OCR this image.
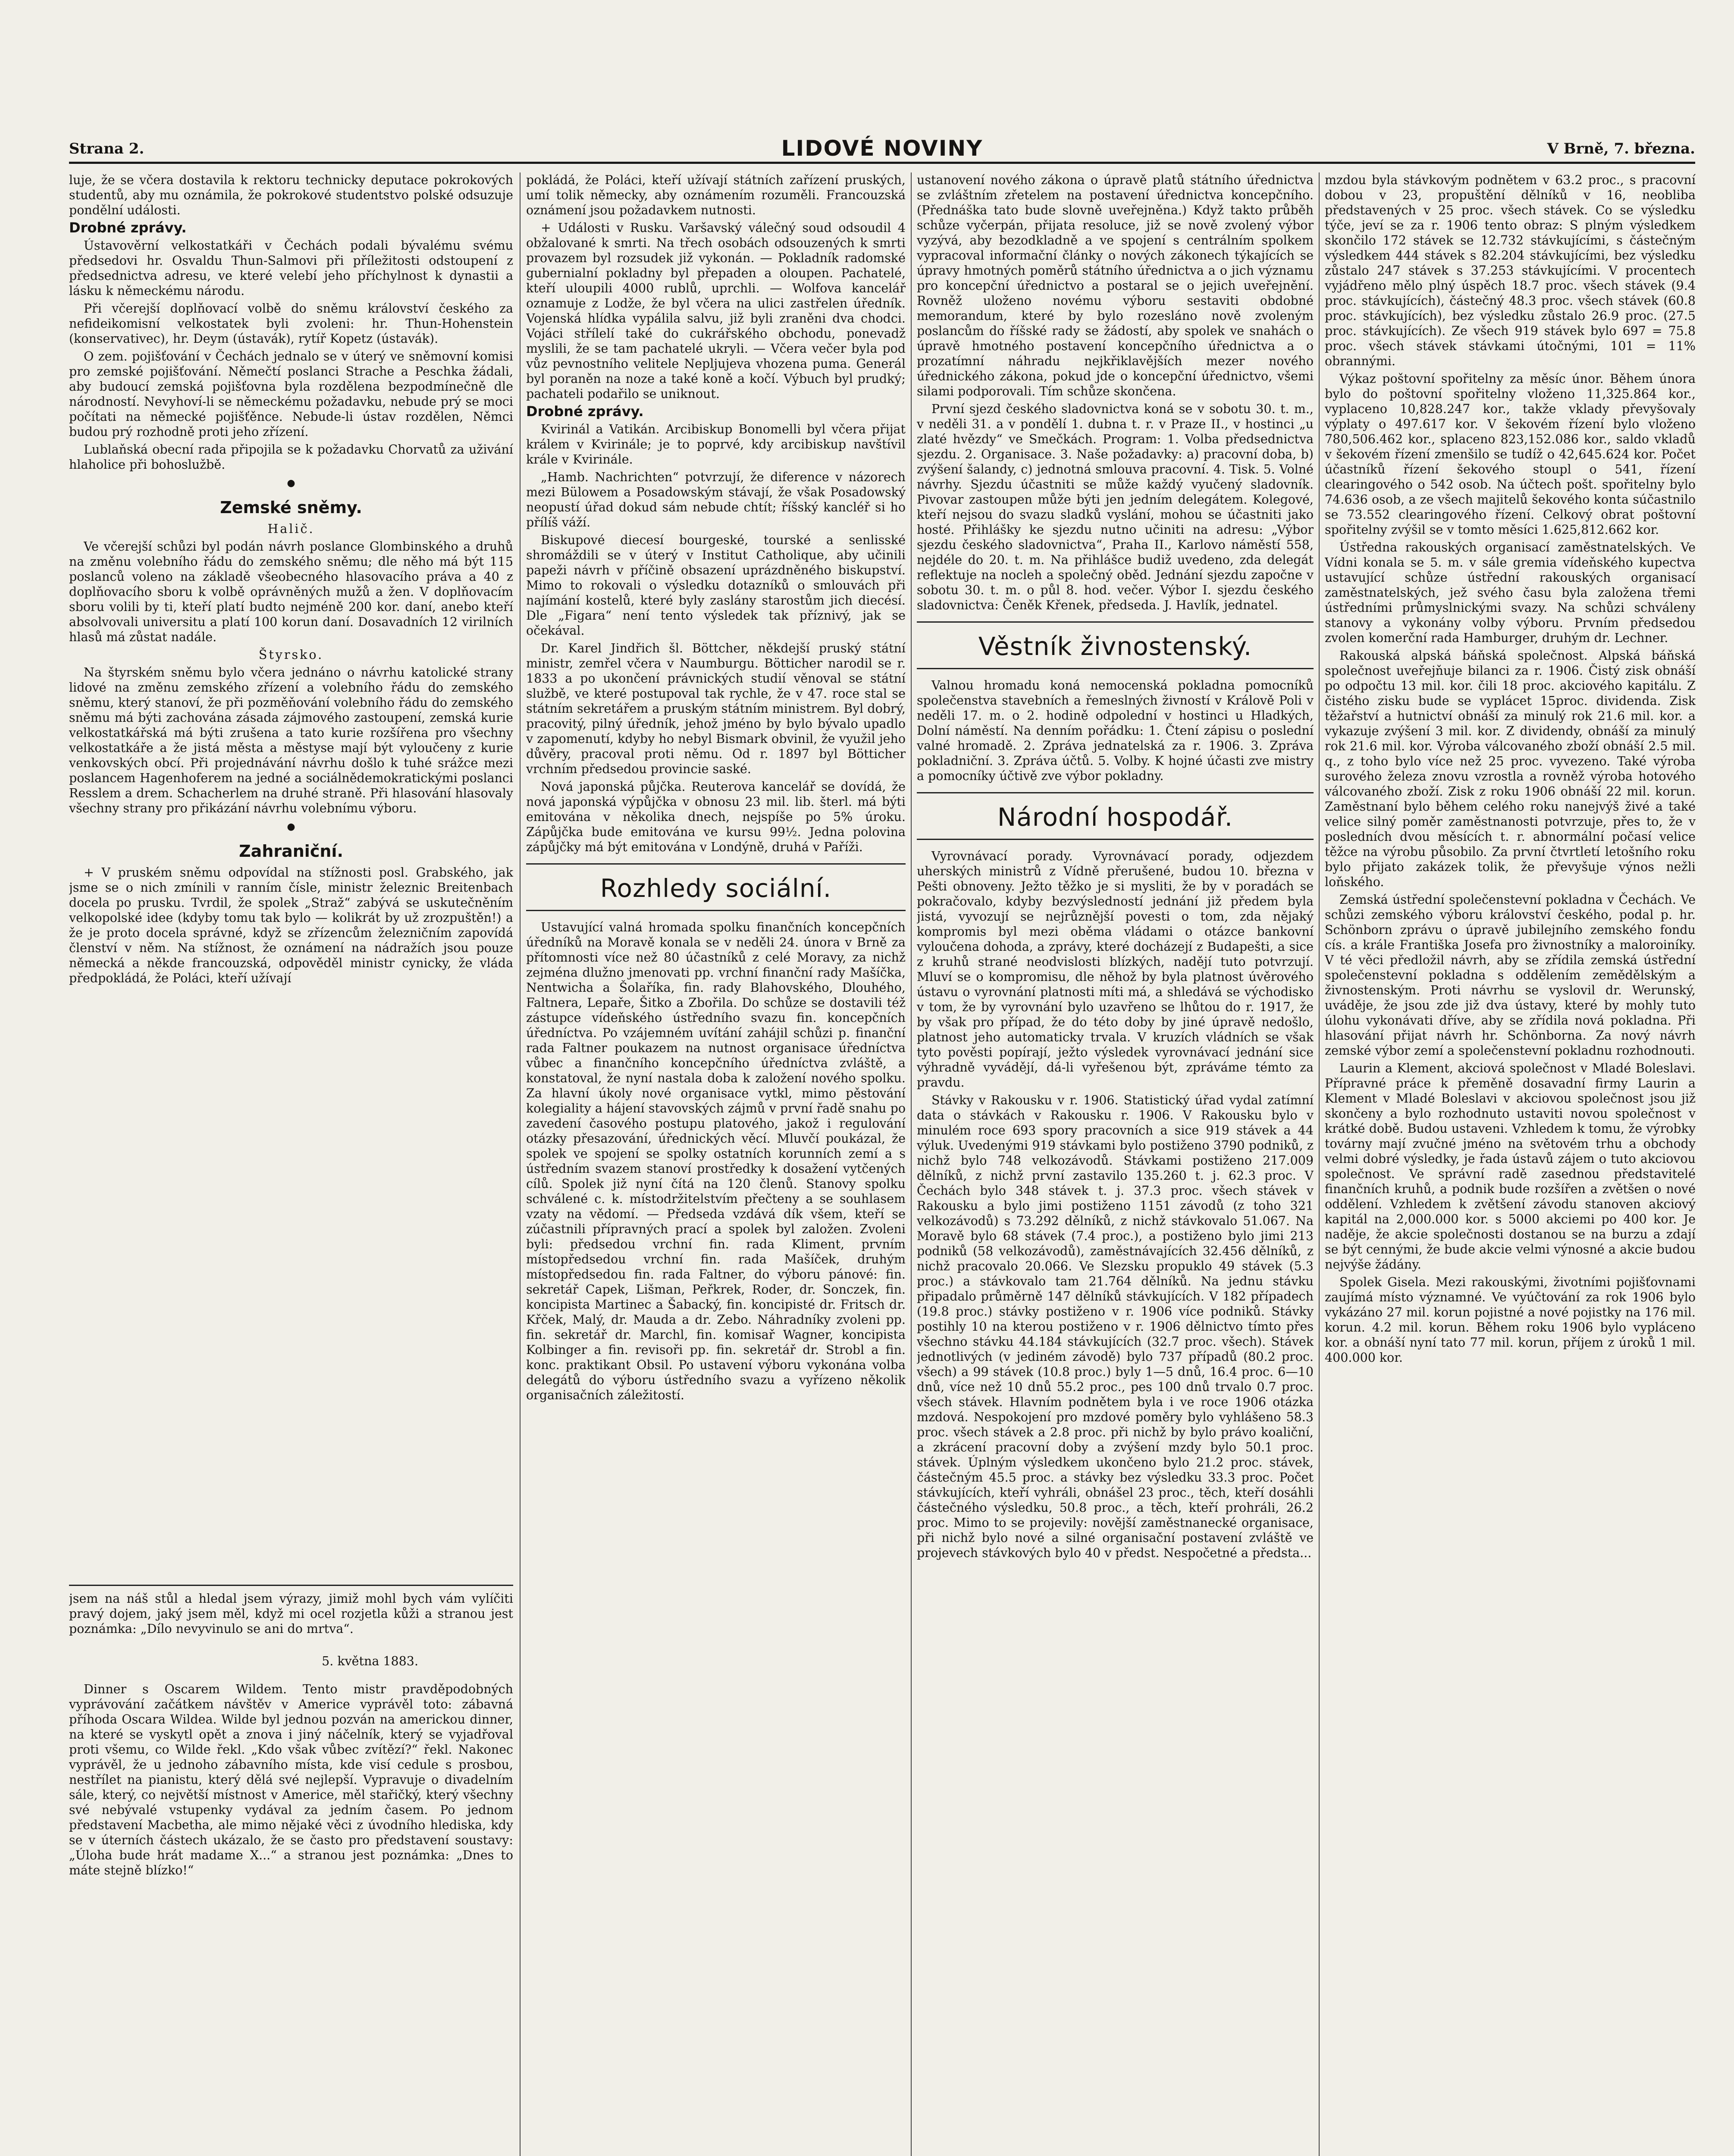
Strana 2.	LIDOVÉ NOVINY	V Brně, 7. března.

luje, že se včera dostavila k rektoru technicky deputace pokrokových studentů, aby mu oznámila, že pokrokové studentstvo polské odsuzuje pondělní události.

Drobné zprávy.

Ústavověrní velkostatkáři v Čechách podali bývalému svému předsedovi hr. Osvaldu Thun-Salmovi při příležitosti odstoupení z předsednictva adresu, ve které velebí jeho příchylnost k dynastii a lásku k německému národu.

Při včerejší doplňovací volbě do sněmu království českého za nefideikomisní velkostatek byli zvoleni: hr. Thun-Hohenstein (konservativec), hr. Deym (ústavák), rytíř Kopetz (ústavák).

O zem. pojišťování v Čechách jednalo se v úterý ve sněmovní komisi pro zemské pojišťování. Němečtí poslanci Strache a Peschka žádali, aby budoucí zemská pojišťovna byla rozdělena bezpodmínečně dle národností. Nevyhoví-li se německému požadavku, nebude prý se moci počítati na německé pojišťěnce. Nebude-li ústav rozdělen, Němci budou prý rozhodně proti jeho zřízení.

Lublaňská obecní rada připojila se k požadavku Chorvatů za uživání hlaholice při bohoslužbě.

●
Zemské sněmy.

Halič.

Ve včerejší schůzi byl podán návrh poslance Glombinského a druhů na změnu volebního řádu do zemského sněmu; dle něho má být 115 poslanců voleno na základě všeobecného hlasovacího práva a 40 z doplňovacího sboru k volbě oprávněných mužů a žen. V doplňovacím sboru volili by ti, kteří platí budto nejméně 200 kor. daní, anebo kteří absolvovali universitu a platí 100 korun daní. Dosavadních 12 virilních hlasů má zůstat nadále.

Štyrsko.

Na štyrském sněmu bylo včera jednáno o návrhu katolické strany lidové na změnu zemského zřízení a volebního řádu do zemského sněmu, který stanoví, že při pozměňování volebního řádu do zemského sněmu má býti zachována zásada zájmového zastoupení, zemská kurie velkostatkářská má býti zrušena a tato kurie rozšířena pro všechny velkostatkáře a že jistá města a městyse mají být vyloučeny z kurie venkovských obcí. Při projednávání návrhu došlo k tuhé srážce mezi poslancem Hagenhoferem na jedné a sociálnědemokratickými poslanci Resslem a drem. Schacherlem na druhé straně. Při hlasování hlasovaly všechny strany pro přikázání návrhu volebnímu výboru.

●
Zahraniční.

+ V pruském sněmu odpovídal na stížnosti posl. Grabského, jak jsme se o nich zmínili v ranním čísle, ministr železnic Breitenbach docela po prusku. Tvrdil, že spolek „Straž“ zabývá se uskutečněním velkopolské idee (kdyby tomu tak bylo — kolikrát by už zrozpuštěn!) a že je proto docela správné, když se zřízencům železničním zapovídá členství v něm. Na stížnost, že oznámení na nádražích jsou pouze německá a někde francouzská, odpověděl ministr cynicky, že vláda předpokládá, že Poláci, kteří užívají

pokládá, že Poláci, kteří užívají státních zařízení pruských, umí tolik německy, aby oznámením rozuměli. Francouzská oznámení jsou požadavkem nutnosti.

+ Události v Rusku. Varšavský válečný soud odsoudil 4 obžalované k smrti. Na třech osobách odsouzených k smrti provazem byl rozsudek již vykonán. — Pokladník radomské gubernialní pokladny byl přepaden a oloupen. Pachatelé, kteří uloupili 4000 rublů, uprchli. — Wolfova kancelář oznamuje z Lodže, že byl včera na ulici zastřelen úředník. Vojenská hlídka vypálila salvu, již byli zraněni dva chodci. Vojáci střílelí také do cukrářského obchodu, ponevadž myslili, že se tam pachatelé ukryli. — Včera večer byla pod vůz pevnostního velitele Nepljujeva vhozena puma. Generál byl poraněn na noze a také koně a kočí. Výbuch byl prudký; pachateli podařilo se uniknout.

Drobné zprávy.

Kvirinál a Vatikán. Arcibiskup Bonomelli byl včera přijat králem v Kvirinále; je to poprvé, kdy arcibiskup navštívil krále v Kvirinále.

„Hamb. Nachrichten“ potvrzují, že diference v názorech mezi Bülowem a Posadowským stávají, že však Posadowský neopustí úřad dokud sám nebude chtít; říšský kancléř si ho přílíš váží.

Biskupové diecesí bourgeské, tourské a senlisské shromáždili se v úterý v Institut Catholique, aby učinili papeži návrh v příčině obsazení uprázdněného biskupství. Mimo to rokovali o výsledku dotazníků o smlouvách při najímání kostelů, které byly zaslány starostům jich diecésí. Dle „Figara“ není tento výsledek tak příznivý, jak se očekával.

Dr. Karel Jindřich šl. Böttcher, někdejší pruský státní ministr, zemřel včera v Naumburgu. Bötticher narodil se r. 1833 a po ukončení právnických studií věnoval se státní službě, ve které postupoval tak rychle, že v 47. roce stal se státním sekretářem a pruským státním ministrem. Byl dobrý, pracovitý, pilný úředník, jehož jméno by bylo bývalo upadlo v zapomenutí, kdyby ho nebyl Bismark obvinil, že využil jeho důvěry, pracoval proti němu. Od r. 1897 byl Bötticher vrchním předsedou provincie saské.

Nová japonská půjčka. Reuterova kancelář se dovídá, že nová japonská výpůjčka v obnosu 23 mil. lib. šterl. má býti emitována v několika dnech, nejspíše po 5% úroku. Zápůjčka bude emitována ve kursu 99½. Jedna polovina zápůjčky má být emitována v Londýně, druhá v Paříži.

Rozhledy sociální.

Ustavující valná hromada spolku finančních koncepčních úředníků na Moravě konala se v neděli 24. února v Brně za přítomnosti více než 80 účastníků z celé Moravy, za nichž zejména dlužno jmenovati pp. vrchní finanční rady Mašíčka, Nentwicha a Šolaříka, fin. rady Blahovského, Dlouhého, Faltnera, Lepaře, Šitko a Zbořila. Do schůze se dostavili též zástupce vídeňského ústředního svazu fin. koncepčních úředníctva. Po vzájemném uvítání zahájil schůzi p. finanční rada Faltner poukazem na nutnost organisace úředníctva vůbec a finančního koncepčního úředníctva zvláště, a konstatoval, že nyní nastala doba k založení nového spolku. Za hlavní úkoly nové organisace vytkl, mimo pěstování kolegiality a hájení stavovských zájmů v první řadě snahu po zavedení časového postupu platového, jakož i regulování otázky přesazování, úřednických věcí. Mluvčí poukázal, že spolek ve spojení se spolky ostatních korunních zemí a s ústředním svazem stanoví prostředky k dosažení vytčených cílů. Spolek již nyní čítá na 120 členů. Stanovy spolku schválené c. k. místodržitelstvím přečteny a se souhlasem vzaty na vědomí. — Předseda vzdává dík všem, kteří se zúčastnili přípravných prací a spolek byl založen. Zvoleni byli: předsedou vrchní fin. rada Kliment, prvním místopředsedou vrchní fin. rada Mašíček, druhým místopředsedou fin. rada Faltner, do výboru pánové: fin. sekretář Capek, Lišman, Peřkrek, Roder, dr. Sonczek, fin. koncipista Martinec a Šabacký, fin. koncipisté dr. Fritsch dr. Křček, Malý, dr. Mauda a dr. Zebo. Náhradníky zvoleni pp. fin. sekretář dr. Marchl, fin. komisař Wagner, koncipista Kolbinger a fin. revisoři pp. fin. sekretář dr. Strobl a fin. konc. praktikant Obsil. Po ustavení výboru vykonána volba delegátů do výboru ústředního svazu a vyřízeno několik organisačních záležitostí.

ustanovení nového zákona o úpravě platů státního úřednictva se zvláštním zřetelem na postavení úřednictva koncepčního. (Přednáška tato bude slovně uveřejněna.) Když takto průběh schůze vyčerpán, přijata resoluce, již se nově zvolený výbor vyzývá, aby bezodkladně a ve spojení s centrálním spolkem vypracoval informační články o nových zákonech týkajících se úpravy hmotných poměrů státního úřednictva a o jich významu pro koncepční úřednictvo a postaral se o jejich uveřejnění. Rovněž uloženo novému výboru sestaviti obdobné memorandum, které by bylo rozesláno nově zvoleným poslancům do říšské rady se žádostí, aby spolek ve snahách o úpravě hmotného postavení koncepčního úřednictva a o prozatímní náhradu nejkřiklavějších mezer nového úřednického zákona, pokud jde o koncepční úřednictvo, všemi silami podporovali. Tím schůze skončena.

První sjezd českého sladovnictva koná se v sobotu 30. t. m., v neděli 31. a v pondělí 1. dubna t. r. v Praze II., v hostinci „u zlaté hvězdy“ ve Smečkách. Program: 1. Volba předsednictva sjezdu. 2. Organisace. 3. Naše požadavky: a) pracovní doba, b) zvýšení šalandy, c) jednotná smlouva pracovní. 4. Tisk. 5. Volné návrhy. Sjezdu účastniti se může každý vyučený sladovník. Pivovar zastoupen může býti jen jedním delegátem. Kolegové, kteří nejsou do svazu sladků vyslání, mohou se účastniti jako hosté. Přihlášky ke sjezdu nutno učiniti na adresu: „Výbor sjezdu českého sladovnictva“, Praha II., Karlovo náměstí 558, nejdéle do 20. t. m. Na přihlášce budiž uvedeno, zda delegát reflektuje na nocleh a společný oběd. Jednání sjezdu započne v sobotu 30. t. m. o půl 8. hod. večer. Výbor I. sjezdu českého sladovnictva: Čeněk Křenek, předseda. J. Havlík, jednatel.

Věstník živnostenský.

Valnou hromadu koná nemocenská pokladna pomocníků společenstva stavebních a řemeslných živností v Králově Poli v neděli 17. m. o 2. hodině odpolední v hostinci u Hladkých, Dolní náměstí. Na denním pořádku: 1. Čtení zápisu o poslední valné hromadě. 2. Zpráva jednatelská za r. 1906. 3. Zpráva pokladniční. 3. Zpráva účtů. 5. Volby. K hojné účasti zve mistry a pomocníky účtivě zve výbor pokladny.

Národní hospodář.

Vyrovnávací porady. Vyrovnávací porady, odjezdem uherských ministrů z Vídně přerušené, budou 10. března v Pešti obnoveny. Ježto těžko je si mysliti, že by v poradách se pokračovalo, kdyby bezvýsledností jednání již předem byla jistá, vyvozují se nejrůznější povesti o tom, zda nějaký kompromis byl mezi oběma vládami o otázce bankovní vyloučena dohoda, a zprávy, které docházejí z Budapešti, a sice z kruhů strané neodvislosti blízkých, nadějí tuto potvrzují. Mluví se o kompromisu, dle něhož by byla platnost úvěrového ústavu o vyrovnání platnosti míti má, a shledává se východisko v tom, že by vyrovnání bylo uzavřeno se lhůtou do r. 1917, že by však pro případ, že do této doby by jiné úpravě nedošlo, platnost jeho automaticky trvala. V kruzích vládních se však tyto pověsti popírají, ježto výsledek vyrovnávací jednání sice výhradně vyvádějí, dá-li vyřešenou být, zpráváme témto za pravdu.

Stávky v Rakousku v r. 1906. Statistický úřad vydal zatímní data o stávkách v Rakousku r. 1906. V Rakousku bylo v minulém roce 693 spory pracovních a sice 919 stávek a 44 výluk. Uvedenými 919 stávkami bylo postiženo 3790 podniků, z nichž bylo 748 velkozávodů. Stávkami postiženo 217.009 dělníků, z nichž první zastavilo 135.260 t. j. 62.3 proc. V Čechách bylo 348 stávek t. j. 37.3 proc. všech stávek v Rakousku a bylo jimi postiženo 1151 závodů (z toho 321 velkozávodů) s 73.292 dělníků, z nichž stávkovalo 51.067. Na Moravě bylo 68 stávek (7.4 proc.), a postiženo bylo jimi 213 podniků (58 velkozávodů), zaměstnávajících 32.456 dělníků, z nichž pracovalo 20.066. Ve Slezsku propuklo 49 stávek (5.3 proc.) a stávkovalo tam 21.764 dělníků. Na jednu stávku připadalo průměrně 147 dělníků stávkujících. V 182 případech (19.8 proc.) stávky postiženo v r. 1906 více podniků. Stávky postihly 10 na kterou postiženo v r. 1906 dělnictvo tímto přes všechno stávku 44.184 stávkujících (32.7 proc. všech). Stávek jednotlivých (v jediném závodě) bylo 737 případů (80.2 proc. všech) a 99 stávek (10.8 proc.) byly 1—5 dnů, 16.4 proc. 6—10 dnů, více než 10 dnů 55.2 proc., pes 100 dnů trvalo 0.7 proc. všech stávek. Hlavním podnětem byla i ve roce 1906 otázka mzdová. Nespokojení pro mzdové poměry bylo vyhlášeno 58.3 proc. všech stávek a 2.8 proc. při nichž by bylo právo koaliční, a zkrácení pracovní doby a zvýšení mzdy bylo 50.1 proc. stávek. Úplným výsledkem ukončeno bylo 21.2 proc. stávek, částečným 45.5 proc. a stávky bez výsledku 33.3 proc. Počet stávkujících, kteří vyhráli, obnášel 23 proc., těch, kteří dosáhli částečného výsledku, 50.8 proc., a těch, kteří prohráli, 26.2 proc. Mimo to se projevily: novější zaměstnanecké organisace, při nichž bylo nové a silné organisační postavení zvláště ve projevech stávkových bylo 40 v předst. Nespočetné a předsta...

mzdou byla stávkovým podnětem v 63.2 proc., s pracovní dobou v 23, propuštění dělníků v 16, neobliba představených v 25 proc. všech stávek. Co se výsledku týče, jeví se za r. 1906 tento obraz: S plným výsledkem skončilo 172 stávek se 12.732 stávkujícími, s částečným výsledkem 444 stávek s 82.204 stávkujícími, bez výsledku zůstalo 247 stávek s 37.253 stávkujícími. V procentech vyjádřeno mělo plný úspěch 18.7 proc. všech stávek (9.4 proc. stávkujících), částečný 48.3 proc. všech stávek (60.8 proc. stávkujících), bez výsledku zůstalo 26.9 proc. (27.5 proc. stávkujících). Ze všech 919 stávek bylo 697 = 75.8 proc. všech stávek stávkami útočnými, 101 = 11% obrannými.

Výkaz poštovní spořitelny za měsíc únor. Během února bylo do poštovní spořitelny vloženo 11,325.864 kor., vyplaceno 10,828.247 kor., takže vklady převyšovaly výplaty o 497.617 kor. V šekovém řízení bylo vloženo 780,506.462 kor., splaceno 823,152.086 kor., saldo vkladů v šekovém řízení zmenšilo se tudíž o 42,645.624 kor. Počet účastníků řízení šekového stoupl o 541, řízení clearingového o 542 osob. Na účtech pošt. spořitelny bylo 74.636 osob, a ze všech majitelů šekového konta súčastnilo se 73.552 clearingového řízení. Celkový obrat poštovní spořitelny zvýšil se v tomto měsíci 1.625,812.662 kor.

Ústředna rakouských organisací zaměstnatelských. Ve Vídni konala se 5. m. v sále gremia vídeňského kupectva ustavující schůze ústřední rakouských organisací zaměstnatelských, jež svého času byla založena třemi ústředními průmyslnickými svazy. Na schůzi schváleny stanovy a vykonány volby výboru. Prvním předsedou zvolen komerční rada Hamburger, druhým dr. Lechner.

Rakouská alpská báňská společnost. Alpská báňská společnost uveřejňuje bilanci za r. 1906. Čistý zisk obnáší po odpočtu 13 mil. kor. čili 18 proc. akciového kapitálu. Z čistého zisku bude se vyplácet 15proc. dividenda. Zisk těžařství a hutnictví obnáší za minulý rok 21.6 mil. kor. a vykazuje zvýšení 3 mil. kor. Z dividendy, obnáší za minulý rok 21.6 mil. kor. Výroba válcovaného zboží obnáší 2.5 mil. q., z toho bylo více než 25 proc. vyvezeno. Také výroba surového železa znovu vzrostla a rovněž výroba hotového válcovaného zboží. Zisk z roku 1906 obnáší 22 mil. korun. Zaměstnaní bylo během celého roku nanejvýš živé a také velice silný poměr zaměstnanosti potvrzuje, přes to, že v posledních dvou měsících t. r. abnormální počasí velice těžce na výrobu působilo. Za první čtvrtletí letošního roku bylo přijato zakázek tolik, že převyšuje výnos nežli loňského.

Zemská ústřední společenstevní pokladna v Čechách. Ve schůzi zemského výboru království českého, podal p. hr. Schönborn zprávu o úpravě jubilejního zemského fondu cís. a krále Františka Josefa pro živnostníky a maloroiníky. V té věci předložil návrh, aby se zřídila zemská ústřední společenstevní pokladna s oddělením zemědělským a živnostenským. Proti návrhu se vyslovil dr. Werunský, uváděje, že jsou zde již dva ústavy, které by mohly tuto úlohu vykonávati dříve, aby se zřídila nová pokladna. Při hlasování přijat návrh hr. Schönborna. Za nový návrh zemské výbor zemí a společenstevní pokladnu rozhodnouti.

Laurin a Klement, akciová společnost v Mladé Boleslavi. Přípravné práce k přeměně dosavadní firmy Laurin a Klement v Mladé Boleslavi v akciovou společnost jsou již skončeny a bylo rozhodnuto ustaviti novou společnost v krátké době. Budou ustaveni. Vzhledem k tomu, že výrobky továrny mají zvučné jméno na světovém trhu a obchody velmi dobré výsledky, je řada ústavů zájem o tuto akciovou společnost. Ve správní radě zasednou představitelé finančních kruhů, a podnik bude rozšířen a zvětšen o nové oddělení. Vzhledem k zvětšení závodu stanoven akciový kapitál na 2,000.000 kor. s 5000 akciemi po 400 kor. Je naděje, že akcie společnosti dostanou se na burzu a zdají se být cennými, že bude akcie velmi výnosné a akcie budou nejvýše žádány.

Spolek Gisela. Mezi rakouskými, životními pojišťovnami zaujímá místo významné. Ve vyúčtování za rok 1906 bylo vykázáno 27 mil. korun pojistné a nové pojistky na 176 mil. korun. 4.2 mil. korun. Během roku 1906 bylo vypláceno kor. a obnáší nyní tato 77 mil. korun, příjem z úroků 1 mil. 400.000 kor.

jsem na náš stůl a hledal jsem výrazy, jimiž mohl bych vám vylíčiti pravý dojem, jaký jsem měl, když mi ocel rozjetla kůži a stranou jest poznámka: „Dílo nevyvinulo se ani do mrtva“.

5. května 1883.

Dinner s Oscarem Wildem. Tento mistr pravděpodobných vyprávování začátkem návštěv v Americe vyprávěl toto: zábavná příhoda Oscara Wildea. Wilde byl jednou pozván na americkou dinner, na které se vyskytl opět a znova i jiný náčelník, který se vyjadřoval proti všemu, co Wilde řekl. „Kdo však vůbec zvítězí?“ řekl. Nakonec vyprávěl, že u jednoho zábavního místa, kde visí cedule s prosbou, nestřílet na pianistu, který dělá své nejlepší. Vypravuje o divadelním sále, který, co největší místnost v Americe, měl stařičký, který všechny své nebývalé vstupenky vydával za jedním časem. Po jednom představení Macbetha, ale mimo nějaké věci z úvodního hlediska, kdy se v úterních částech ukázalo, že se často pro představení soustavy: „Úloha bude hrát madame X...“ a stranou jest poznámka: „Dnes to máte stejně blízko!“
